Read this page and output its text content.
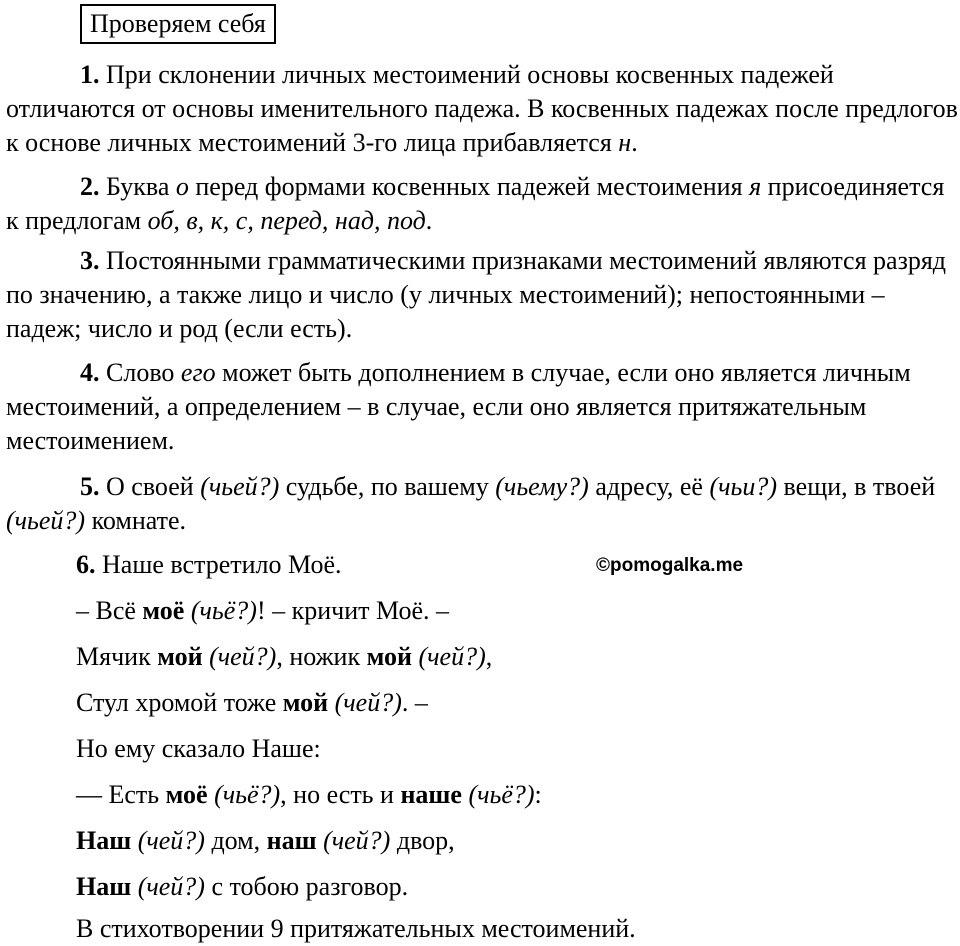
Проверяем себя
1. При склонении личных местоимений основы косвенных падежей отличаются от основы именительного падежа. В косвенных падежах после предлогов к основе личных местоимений 3-го лица прибавляется н.
2. Буква о перед формами косвенных падежей местоимения я присоединяется к предлогам об, в, к, с, перед, над, под.
3. Постоянными грамматическими признаками местоимений являются разряд по значению, а также лицо и число (у личных местоимений); непостоянными – падеж; число и род (если есть).
4. Слово его может быть дополнением в случае, если оно является личным местоимений, а определением – в случае, если оно является притяжательным местоимением.
5. О своей (чьей?) судьбе, по вашему (чьему?) адресу, её (чьи?) вещи, в твоей (чьей?) комнате.
6. Наше встретило Моё.	©pomogalka.me
– Всё моё (чьё?)! – кричит Моё. –
Мячик мой (чей?), ножик мой (чей?),
Стул хромой тоже мой (чей?). –
Но ему сказало Наше:
— Есть моё (чьё?), но есть и наше (чьё?):
Наш (чей?) дом, наш (чей?) двор,
Наш (чей?) с тобою разговор.
В стихотворении 9 притяжательных местоимений.
